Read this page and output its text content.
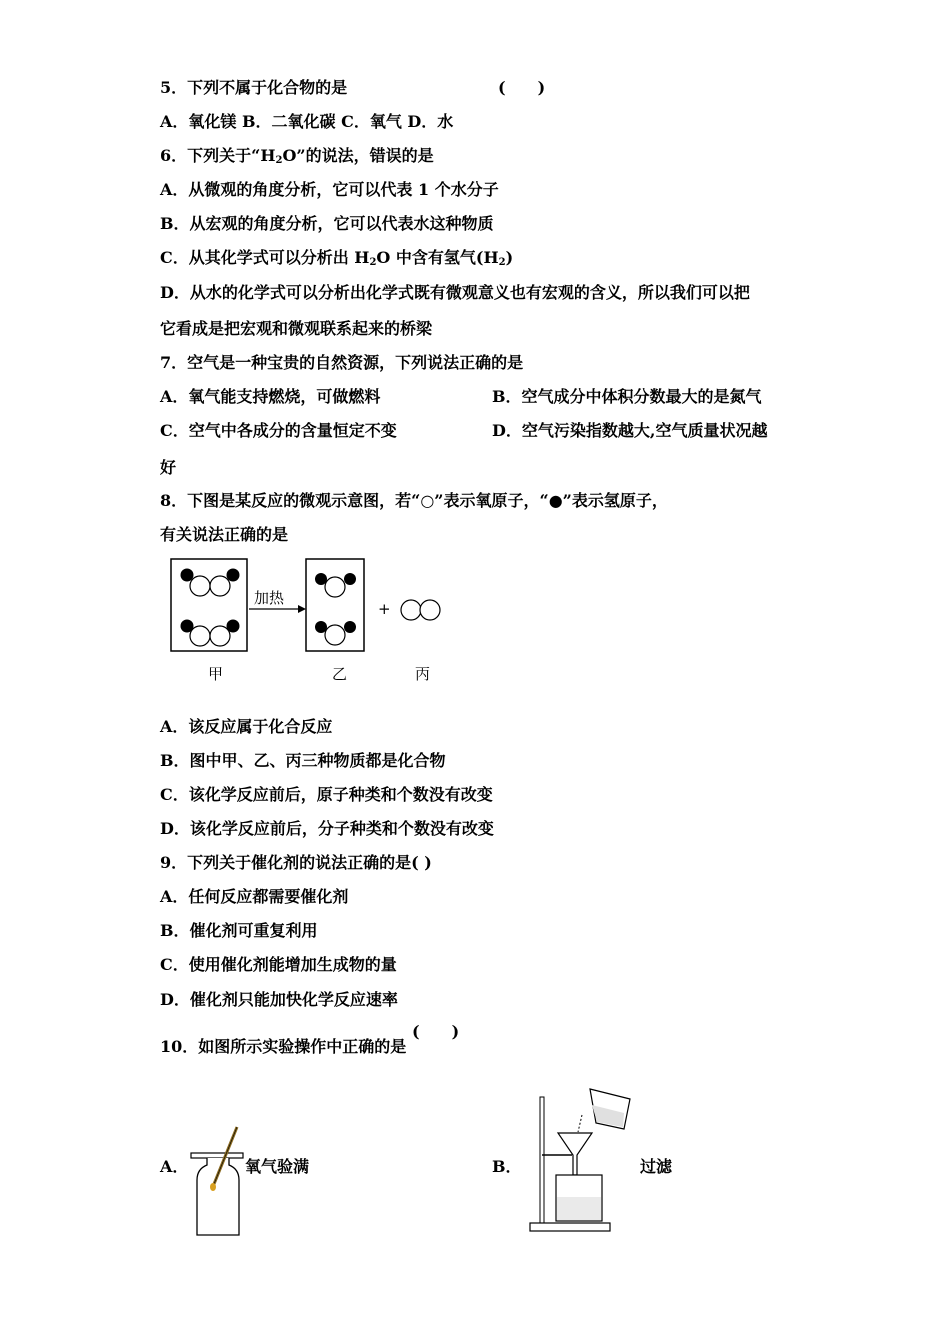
5．下列不属于化合物的是	(　　)
A．氧化镁 B．二氧化碳 C．氧气 D．水
6．下列关于“$H_2O$”的说法，错误的是
A．从微观的角度分析，它可以代表 1 个水分子
B．从宏观的角度分析，它可以代表水这种物质
C．从其化学式可以分析出 $H_2O$ 中含有氢气$(H_2)$
D．从水的化学式可以分析出化学式既有微观意义也有宏观的含义，所以我们可以把
它看成是把宏观和微观联系起来的桥梁
7．空气是一种宝贵的自然资源，下列说法正确的是
A．氧气能支持燃烧，可做燃料	B．空气成分中体积分数最大的是氮气
C．空气中各成分的含量恒定不变	D．空气污染指数越大,空气质量状况越
好
8．下图是某反应的微观示意图，若“○”表示氧原子，“●”表示氢原子，
有关说法正确的是
加热
+
甲	乙	丙
A．该反应属于化合反应
B．图中甲、乙、丙三种物质都是化合物
C．该化学反应前后，原子种类和个数没有改变
D．该化学反应前后，分子种类和个数没有改变
9．下列关于催化剂的说法正确的是( )
A．任何反应都需要催化剂
B．催化剂可重复利用
C．使用催化剂能增加生成物的量
D．催化剂只能加快化学反应速率
10．如图所示实验操作中正确的是
(　　)
A．	氧气验满	B．	过滤
